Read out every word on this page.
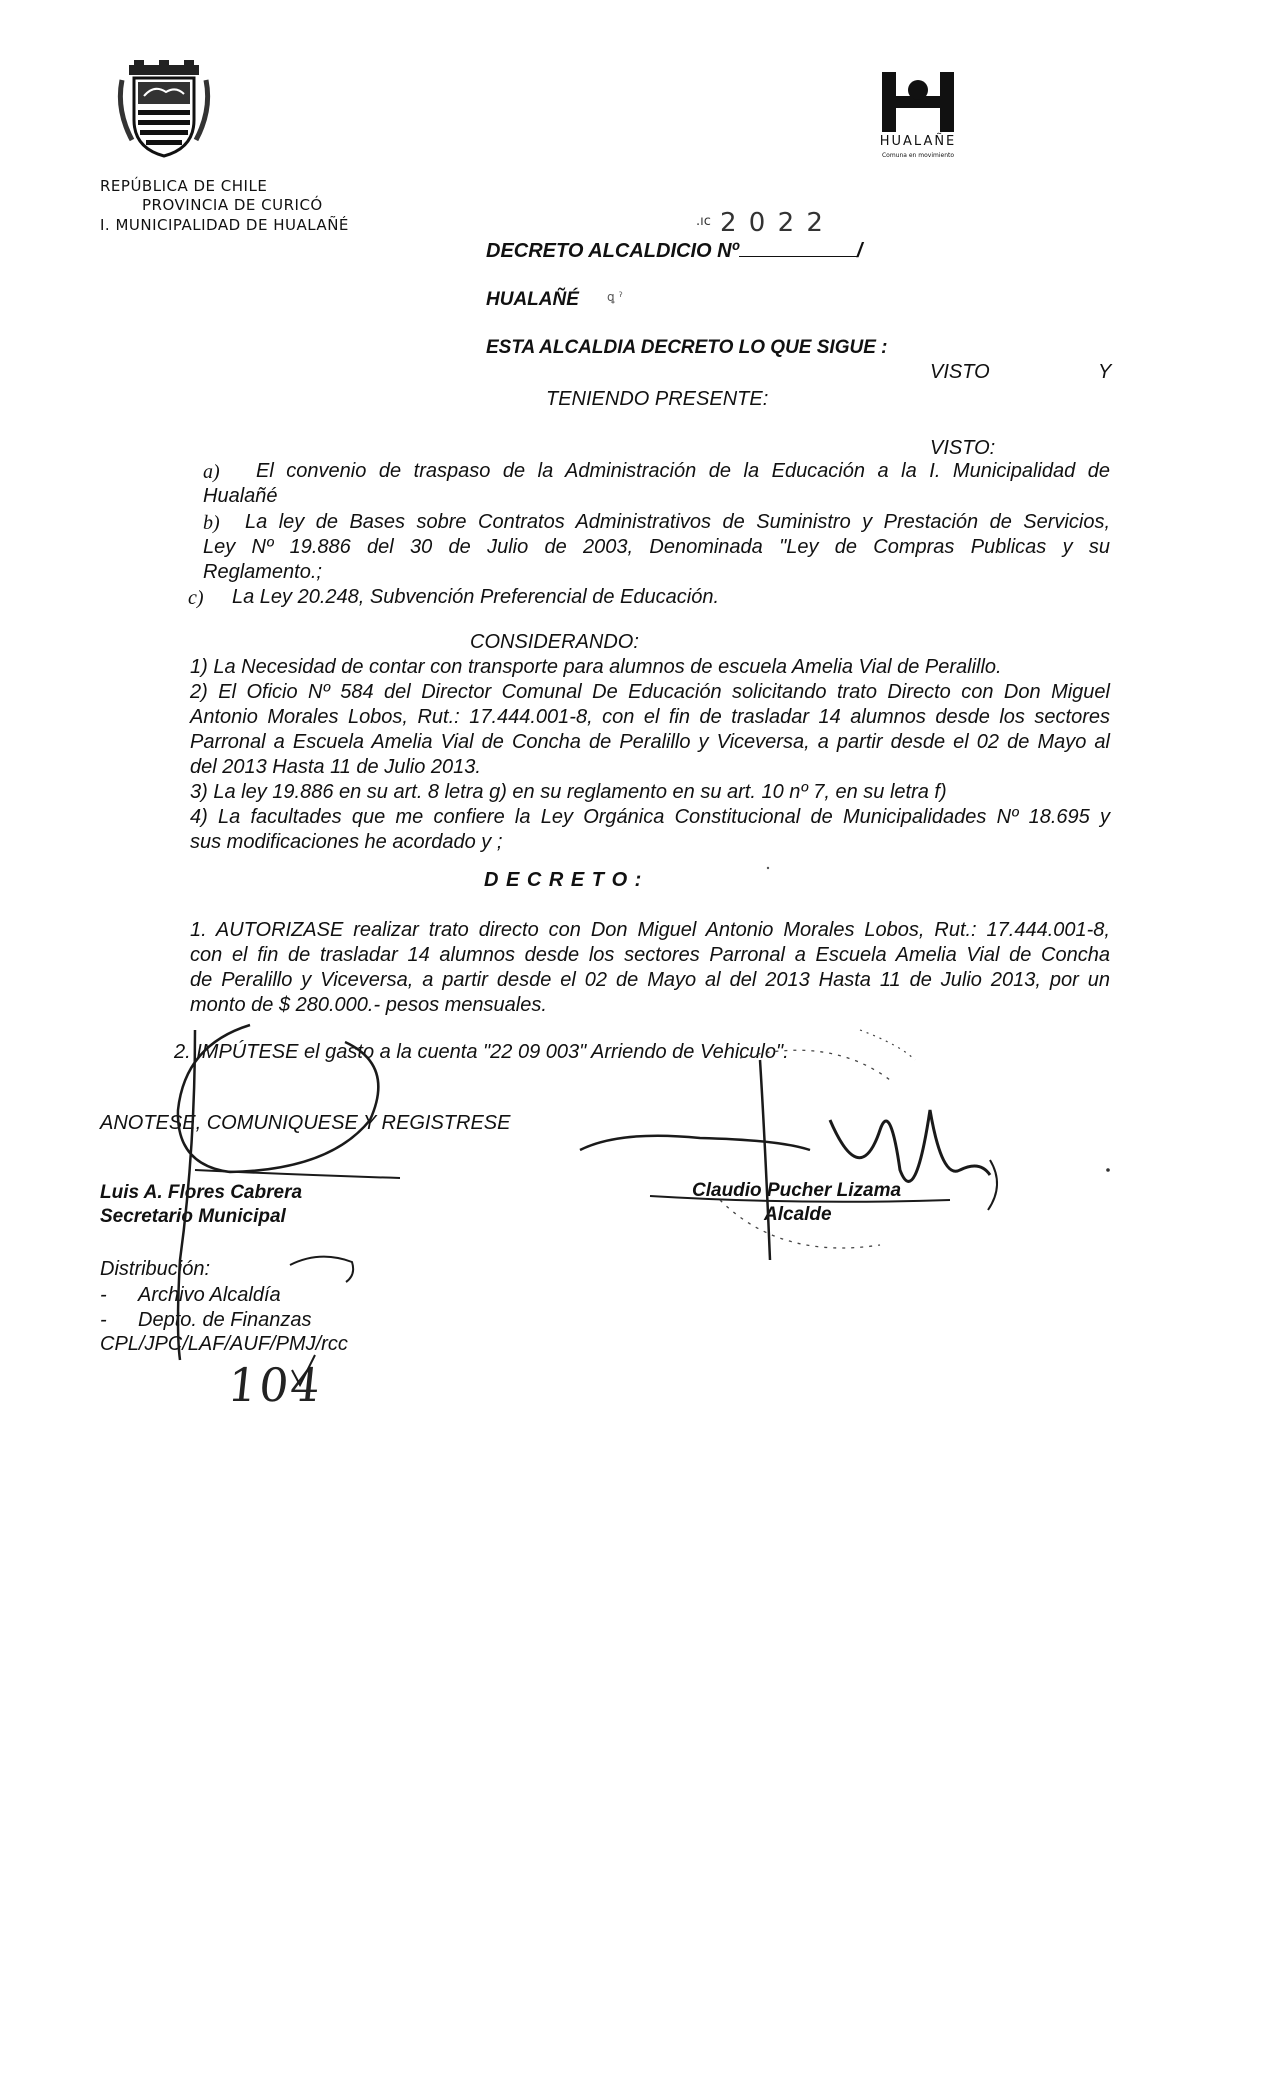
REPÚBLICA DE CHILE
PROVINCIA DE CURICÓ
I. MUNICIPALIDAD DE HUALAÑÉ
HUALAÑE
Comuna en movimiento
.ıc 2 0 2 2
DECRETO ALCALDICIO Nº	/
HUALAÑÉ ꝗ ˀ
ESTA ALCALDIA DECRETO LO QUE SIGUE :
VISTO	Y
TENIENDO PRESENTE:
VISTO:
a) El convenio de traspaso de la Administración de la Educación a la I. Municipalidad de
Hualañé
b) La ley de Bases sobre Contratos Administrativos de Suministro y Prestación de Servicios,
Ley Nº 19.886 del 30 de Julio de 2003, Denominada "Ley de Compras Publicas y su
Reglamento.;
c) La Ley 20.248, Subvención Preferencial de Educación.
CONSIDERANDO:
1) La Necesidad de contar con transporte para alumnos de escuela Amelia Vial de Peralillo.
2) El Oficio Nº 584 del Director Comunal De Educación solicitando trato Directo con Don Miguel
Antonio Morales Lobos, Rut.: 17.444.001-8, con el fin de trasladar 14 alumnos desde los sectores
Parronal a Escuela Amelia Vial de Concha de Peralillo y Viceversa, a partir desde el 02 de Mayo al
del 2013 Hasta 11 de Julio 2013.
3) La ley 19.886 en su art. 8 letra g) en su reglamento en su art. 10 nº 7, en su letra f)
4) La facultades que me confiere la Ley Orgánica Constitucional de Municipalidades Nº 18.695 y
sus modificaciones he acordado y ;
D E C R E T O :
1. AUTORIZASE realizar trato directo con Don Miguel Antonio Morales Lobos, Rut.: 17.444.001-8,
con el fin de trasladar 14 alumnos desde los sectores Parronal a Escuela Amelia Vial de Concha
de Peralillo y Viceversa, a partir desde el 02 de Mayo al del 2013 Hasta 11 de Julio 2013, por un
monto de $ 280.000.- pesos mensuales.
2. IMPÚTESE el gasto a la cuenta "22 09 003" Arriendo de Vehiculo".
ANOTESE, COMUNIQUESE Y REGISTRESE
Luis A. Flores Cabrera
Secretario Municipal
Claudio Pucher Lizama
Alcalde
Distribución:
- Archivo Alcaldía
- Depto. de Finanzas
CPL/JPC/LAF/AUF/PMJ/rcc
104
